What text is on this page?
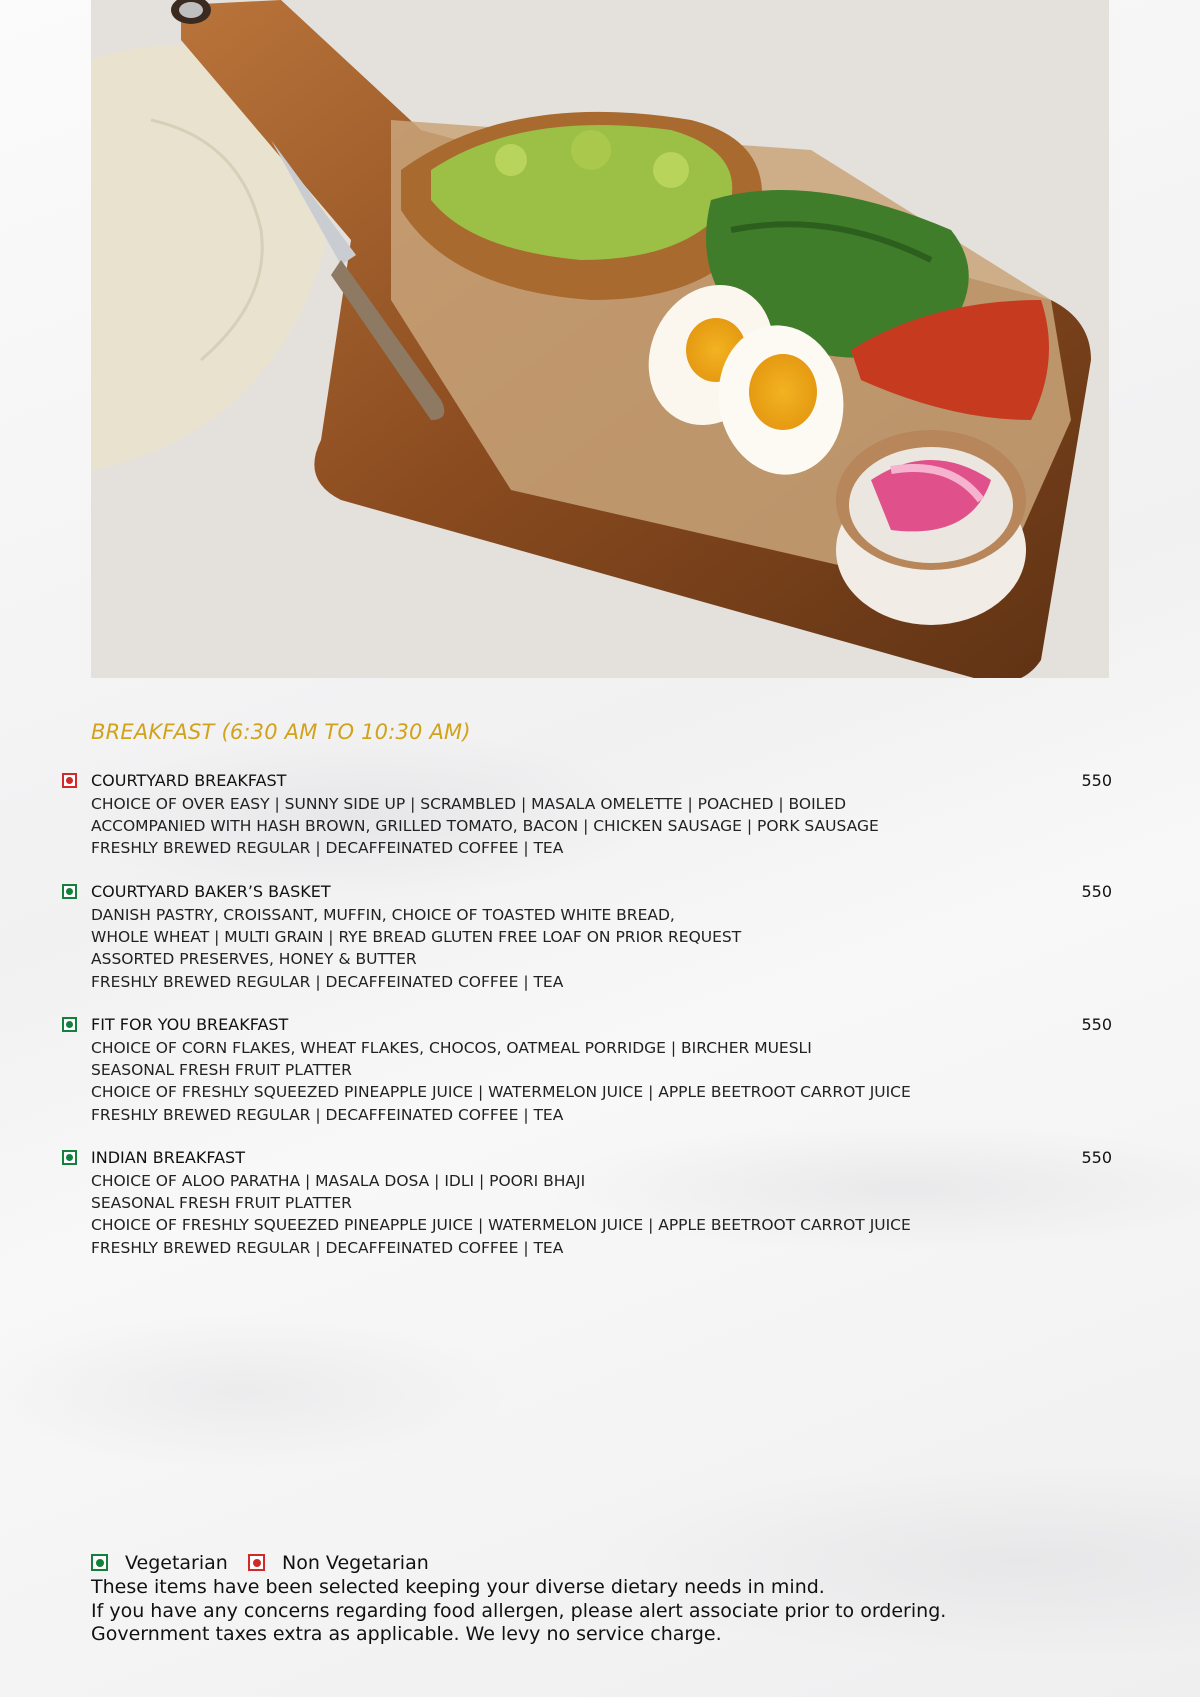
BREAKFAST (6:30 AM TO 10:30 AM)
COURTYARD BREAKFAST	550
CHOICE OF OVER EASY | SUNNY SIDE UP | SCRAMBLED | MASALA OMELETTE | POACHED | BOILED
ACCOMPANIED WITH HASH BROWN, GRILLED TOMATO, BACON | CHICKEN SAUSAGE | PORK SAUSAGE
FRESHLY BREWED REGULAR | DECAFFEINATED COFFEE | TEA
COURTYARD BAKER’S BASKET	550
DANISH PASTRY, CROISSANT, MUFFIN, CHOICE OF TOASTED WHITE BREAD,
WHOLE WHEAT | MULTI GRAIN | RYE BREAD GLUTEN FREE LOAF ON PRIOR REQUEST
ASSORTED PRESERVES, HONEY & BUTTER
FRESHLY BREWED REGULAR | DECAFFEINATED COFFEE | TEA
FIT FOR YOU BREAKFAST	550
CHOICE OF CORN FLAKES, WHEAT FLAKES, CHOCOS, OATMEAL PORRIDGE | BIRCHER MUESLI
SEASONAL FRESH FRUIT PLATTER
CHOICE OF FRESHLY SQUEEZED PINEAPPLE JUICE | WATERMELON JUICE | APPLE BEETROOT CARROT JUICE
FRESHLY BREWED REGULAR | DECAFFEINATED COFFEE | TEA
INDIAN BREAKFAST	550
CHOICE OF ALOO PARATHA | MASALA DOSA | IDLI | POORI BHAJI
SEASONAL FRESH FRUIT PLATTER
CHOICE OF FRESHLY SQUEEZED PINEAPPLE JUICE | WATERMELON JUICE | APPLE BEETROOT CARROT JUICE
FRESHLY BREWED REGULAR | DECAFFEINATED COFFEE | TEA
Vegetarian	Non Vegetarian
These items have been selected keeping your diverse dietary needs in mind.
If you have any concerns regarding food allergen, please alert associate prior to ordering.
Government taxes extra as applicable. We levy no service charge.
